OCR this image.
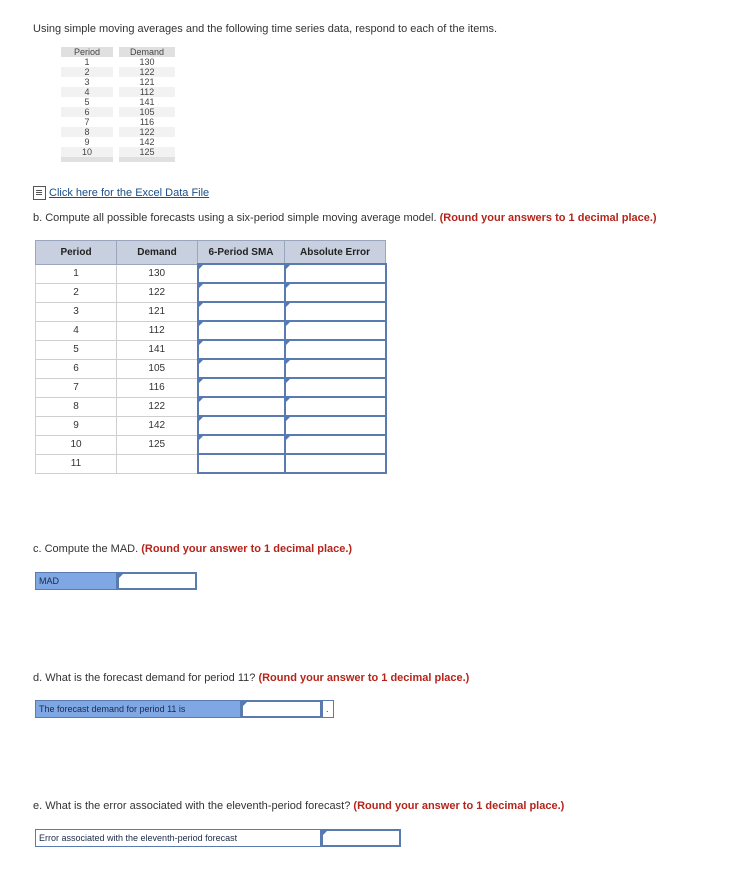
Using simple moving averages and the following time series data, respond to each of the items.
Period		Demand
1		130
2		122
3		121
4		112
5		141
6		105
7		116
8		122
9		142
10		125

Click here for the Excel Data File
b. Compute all possible forecasts using a six-period simple moving average model. (Round your answers to 1 decimal place.)
Period	Demand	6-Period SMA	Absolute Error
1	130		
2	122		
3	121		
4	112		
5	141		
6	105		
7	116		
8	122		
9	142		
10	125		
11			
c. Compute the MAD. (Round your answer to 1 decimal place.)
MAD
d. What is the forecast demand for period 11? (Round your answer to 1 decimal place.)
The forecast demand for period 11 is	.
e. What is the error associated with the eleventh-period forecast? (Round your answer to 1 decimal place.)
Error associated with the eleventh-period forecast
